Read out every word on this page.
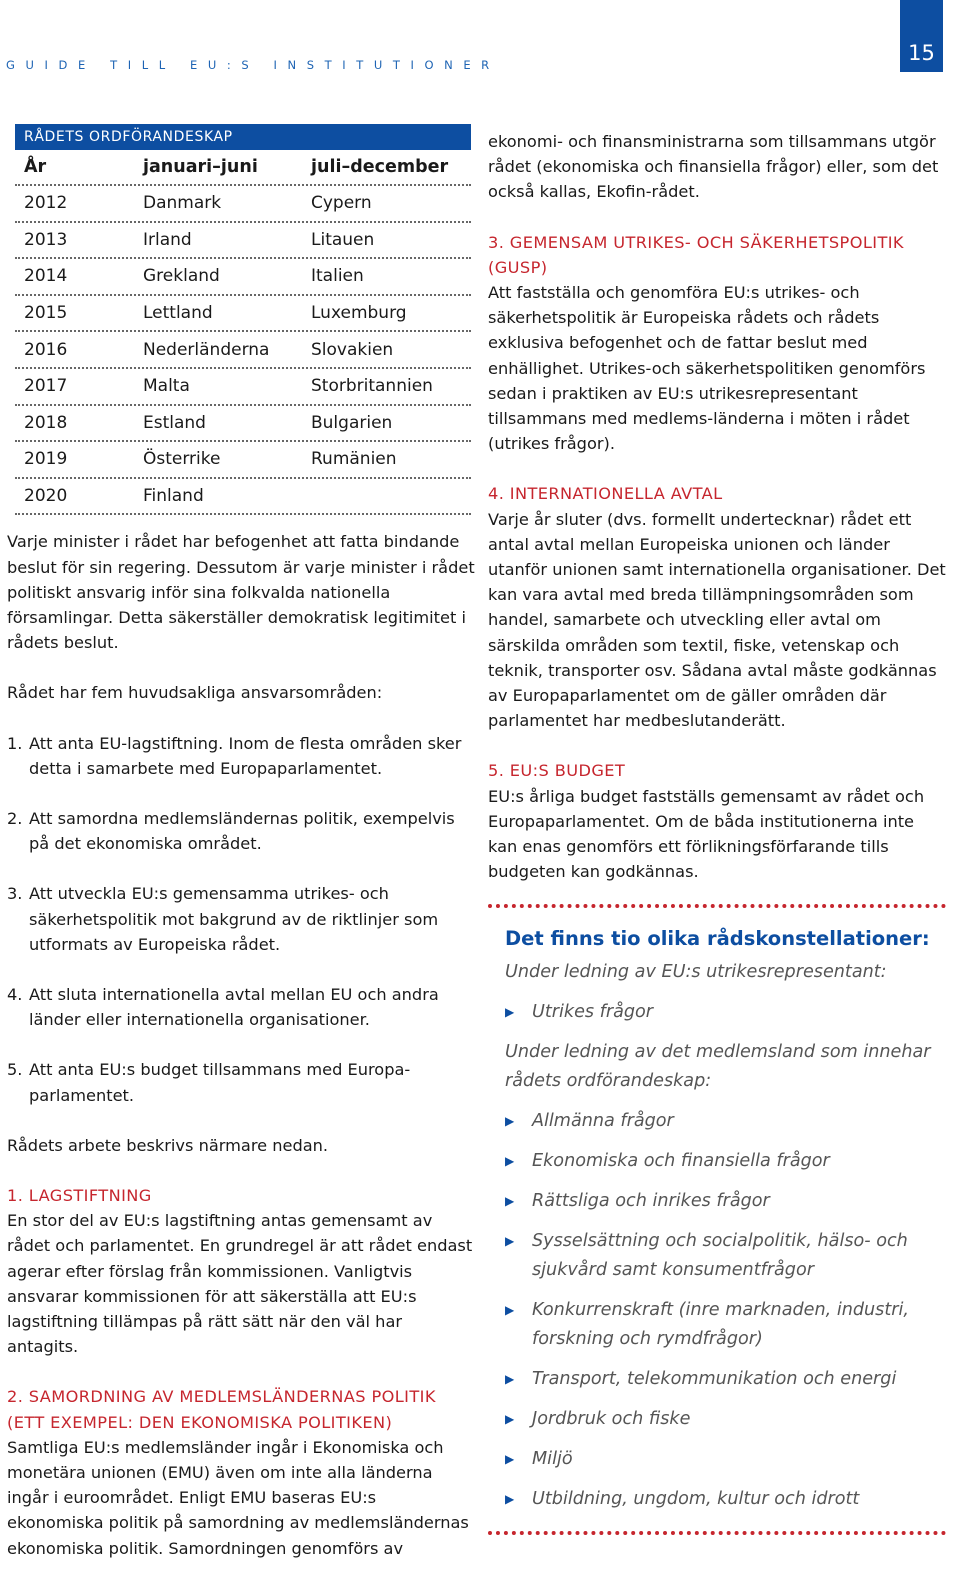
GUIDE TILL EU:S INSTITUTIONER	15
RÅDETS ORDFÖRANDESKAP
År	januari–juni	juli–december
2012	Danmark	Cypern
2013	Irland	Litauen
2014	Grekland	Italien
2015	Lettland	Luxemburg
2016	Nederländerna	Slovakien
2017	Malta	Storbritannien
2018	Estland	Bulgarien
2019	Österrike	Rumänien
2020	Finland

Varje minister i rådet har befogenhet att fatta bindande beslut för sin regering. Dessutom är varje minister i rådet politiskt ansvarig inför sina folkvalda nationella församlingar. Detta säkerställer demokratisk legitimitet i rådets beslut.

Rådet har fem huvudsakliga ansvarsområden:

1. Att anta EU-lagstiftning. Inom de flesta områden sker detta i samarbete med Europaparlamentet.
2. Att samordna medlemsländernas politik, exempelvis på det ekonomiska området.
3. Att utveckla EU:s gemensamma utrikes- och säkerhetspolitik mot bakgrund av de riktlinjer som utformats av Europeiska rådet.
4. Att sluta internationella avtal mellan EU och andra länder eller internationella organisationer.
5. Att anta EU:s budget tillsammans med Europa-parlamentet.

Rådets arbete beskrivs närmare nedan.

1. LAGSTIFTNING

En stor del av EU:s lagstiftning antas gemensamt av rådet och parlamentet. En grundregel är att rådet endast agerar efter förslag från kommissionen. Vanligtvis ansvarar kommissionen för att säkerställa att EU:s lagstiftning tillämpas på rätt sätt när den väl har antagits.

2. SAMORDNING AV MEDLEMSLÄNDERNAS POLITIK (ETT EXEMPEL: DEN EKONOMISKA POLITIKEN)

Samtliga EU:s medlemsländer ingår i Ekonomiska och monetära unionen (EMU) även om inte alla länderna ingår i euroområdet. Enligt EMU baseras EU:s ekonomiska politik på samordning av medlemsländernas ekonomiska politik. Samordningen genomförs av

ekonomi- och finansministrarna som tillsammans utgör rådet (ekonomiska och finansiella frågor) eller, som det också kallas, Ekofin-rådet.

3. GEMENSAM UTRIKES- OCH SÄKERHETSPOLITIK (GUSP)

Att fastställa och genomföra EU:s utrikes- och säkerhetspolitik är Europeiska rådets och rådets exklusiva befogenhet och de fattar beslut med enhällighet. Utrikes-och säkerhetspolitiken genomförs sedan i praktiken av EU:s utrikesrepresentant tillsammans med medlems-länderna i möten i rådet (utrikes frågor).

4. INTERNATIONELLA AVTAL

Varje år sluter (dvs. formellt undertecknar) rådet ett antal avtal mellan Europeiska unionen och länder utanför unionen samt internationella organisationer. Det kan vara avtal med breda tillämpningsområden som handel, samarbete och utveckling eller avtal om särskilda områden som textil, fiske, vetenskap och teknik, transporter osv. Sådana avtal måste godkännas av Europaparlamentet om de gäller områden där parlamentet har medbeslutanderätt.

5. EU:S BUDGET

EU:s årliga budget fastställs gemensamt av rådet och Europaparlamentet. Om de båda institutionerna inte kan enas genomförs ett förlikningsförfarande tills budgeten kan godkännas.

Det finns tio olika rådskonstellationer:
Under ledning av EU:s utrikesrepresentant:
▶	Utrikes frågor
Under ledning av det medlemsland som innehar rådets ordförandeskap:
▶	Allmänna frågor
▶	Ekonomiska och finansiella frågor
▶	Rättsliga och inrikes frågor
▶	Sysselsättning och socialpolitik, hälso- och sjukvård samt konsumentfrågor
▶	Konkurrenskraft (inre marknaden, industri, forskning och rymdfrågor)
▶	Transport, telekommunikation och energi
▶	Jordbruk och fiske
▶	Miljö
▶	Utbildning, ungdom, kultur och idrott
